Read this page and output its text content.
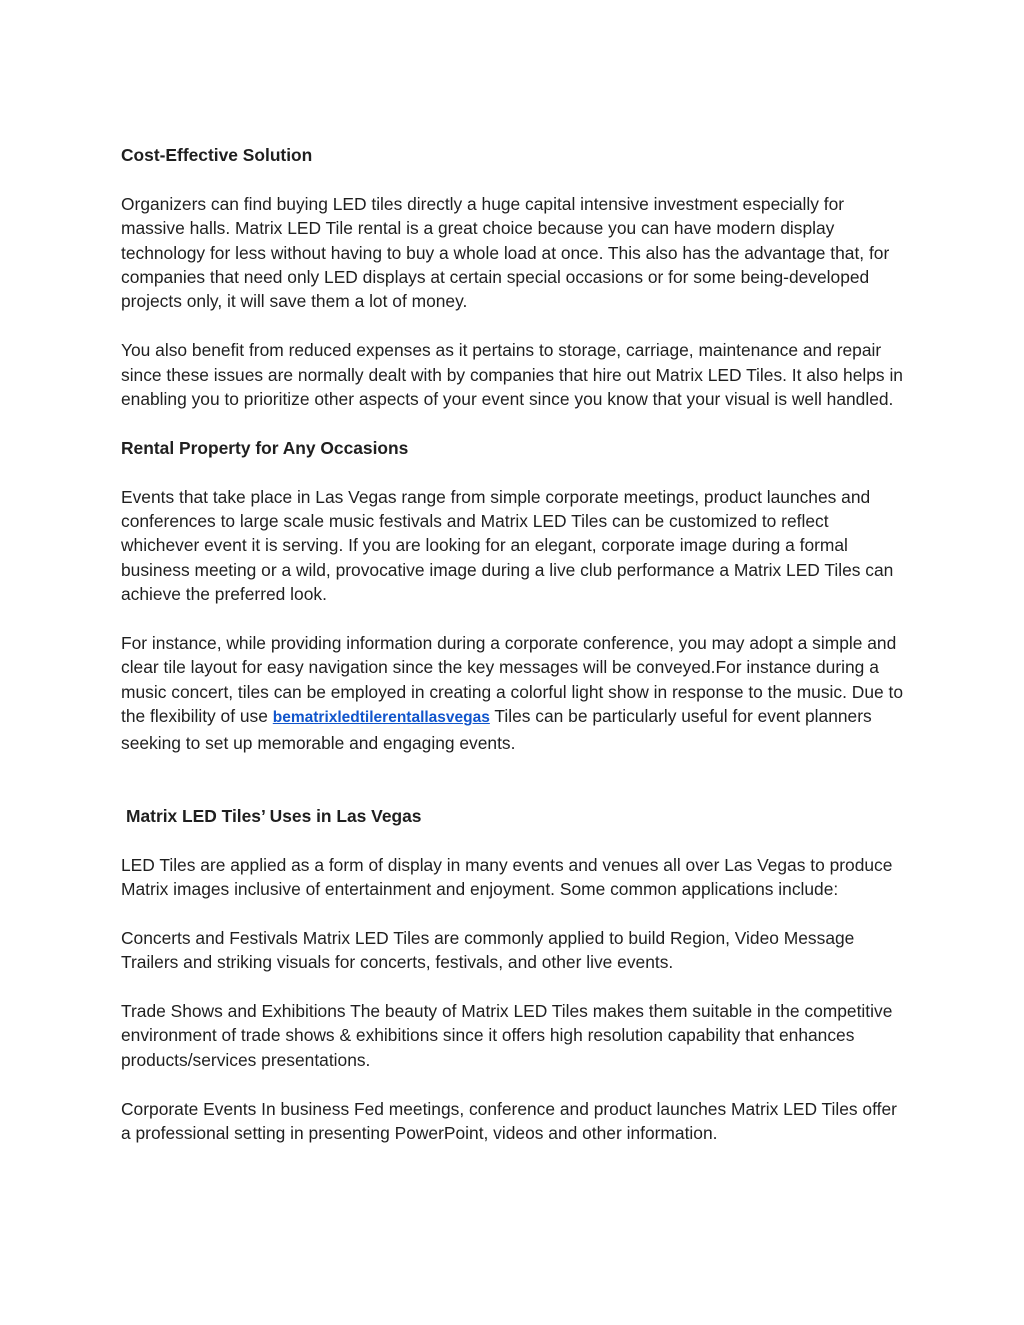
Cost-Effective Solution

Organizers can find buying LED tiles directly a huge capital intensive investment especially for massive halls. Matrix LED Tile rental is a great choice because you can have modern display technology for less without having to buy a whole load at once. This also has the advantage that, for companies that need only LED displays at certain special occasions or for some being-developed projects only, it will save them a lot of money.

You also benefit from reduced expenses as it pertains to storage, carriage, maintenance and repair since these issues are normally dealt with by companies that hire out Matrix LED Tiles. It also helps in enabling you to prioritize other aspects of your event since you know that your visual is well handled.

Rental Property for Any Occasions

Events that take place in Las Vegas range from simple corporate meetings, product launches and conferences to large scale music festivals and Matrix LED Tiles can be customized to reflect whichever event it is serving. If you are looking for an elegant, corporate image during a formal business meeting or a wild, provocative image during a live club performance a Matrix LED Tiles can achieve the preferred look.

For instance, while providing information during a corporate conference, you may adopt a simple and clear tile layout for easy navigation since the key messages will be conveyed.For instance during a music concert, tiles can be employed in creating a colorful light show in response to the music. Due to the flexibility of use bematrixledtilerentallasvegas Tiles can be particularly useful for event planners seeking to set up memorable and engaging events.

Matrix LED Tiles’ Uses in Las Vegas

LED Tiles are applied as a form of display in many events and venues all over Las Vegas to produce Matrix images inclusive of entertainment and enjoyment. Some common applications include:

Concerts and Festivals Matrix LED Tiles are commonly applied to build Region, Video Message Trailers and striking visuals for concerts, festivals, and other live events.

Trade Shows and Exhibitions The beauty of Matrix LED Tiles makes them suitable in the competitive environment of trade shows & exhibitions since it offers high resolution capability that enhances products/services presentations.

Corporate Events In business Fed meetings, conference and product launches Matrix LED Tiles offer a professional setting in presenting PowerPoint, videos and other information.
